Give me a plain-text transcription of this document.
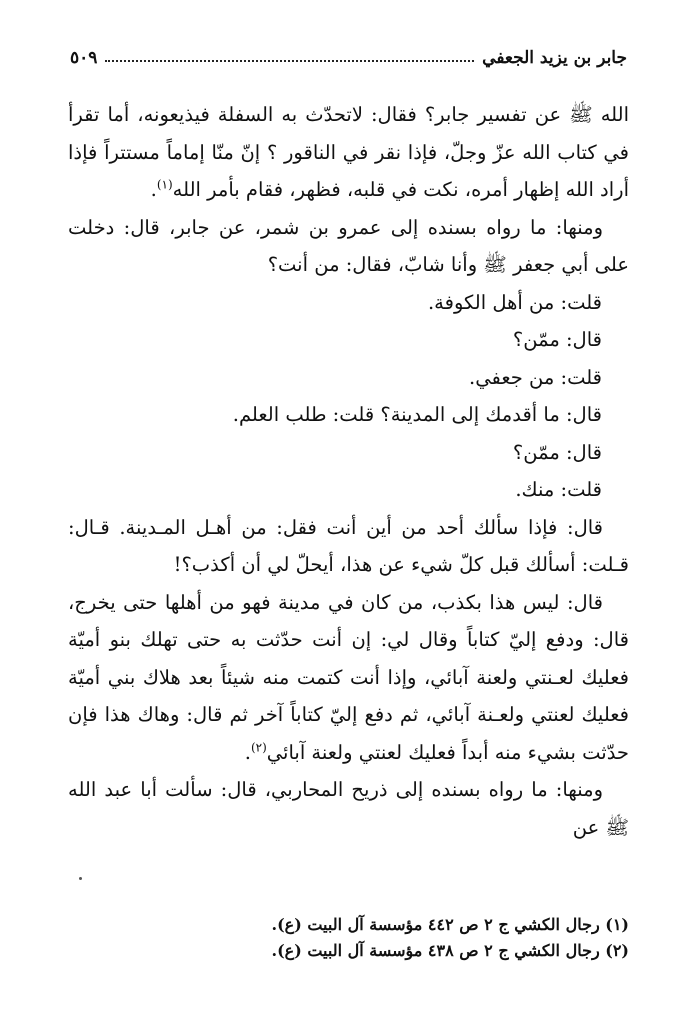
جابر بن يزيد الجعفي
٥٠٩

الله ﷺ عن تفسير جابر؟ فقال: لاتحدّث به السفلة فيذيعونه، أما تقرأ في كتاب الله عزّ وجلّ، فإذا نقر في الناقور ؟ إنّ منّا إماماً مستتراً فإذا أراد الله إظهار أمره، نكت في قلبه، فظهر، فقام بأمر الله$^{(١)}$.

ومنها: ما رواه بسنده إلى عمرو بن شمر، عن جابر، قال: دخلت على أبي جعفر ﷺ وأنا شابّ، فقال: من أنت؟

قلت: من أهل الكوفة.

قال: ممّن؟

قلت: من جعفي.

قال: ما أقدمك إلى المدينة؟ قلت: طلب العلم.

قال: ممّن؟

قلت: منك.

قال: فإذا سألك أحد من أين أنت فقل: من أهـل المـدينة. قـال: قـلت: أسألك قبل كلّ شيء عن هذا، أيحلّ لي أن أكذب؟!

قال: ليس هذا بكذب، من كان في مدينة فهو من أهلها حتى يخرج، قال: ودفع إليّ كتاباً وقال لي: إن أنت حدّثت به حتى تهلك بنو أميّة فعليك لعـنتي ولعنة آبائي، وإذا أنت كتمت منه شيئاً بعد هلاك بني أميّة فعليك لعنتي ولعـنة آبائي، ثم دفع إليّ كتاباً آخر ثم قال: وهاك هذا فإن حدّثت بشيء منه أبداً فعليك لعنتي ولعنة آبائي$^{(٢)}$.

ومنها: ما رواه بسنده إلى ذريح المحاربي، قال: سألت أبا عبد الله ﷺ عن

(١) رجال الكشي ج ٢ ص ٤٤٢ مؤسسة آل البيت (ع).
(٢) رجال الكشي ج ٢ ص ٤٣٨ مؤسسة آل البيت (ع).
